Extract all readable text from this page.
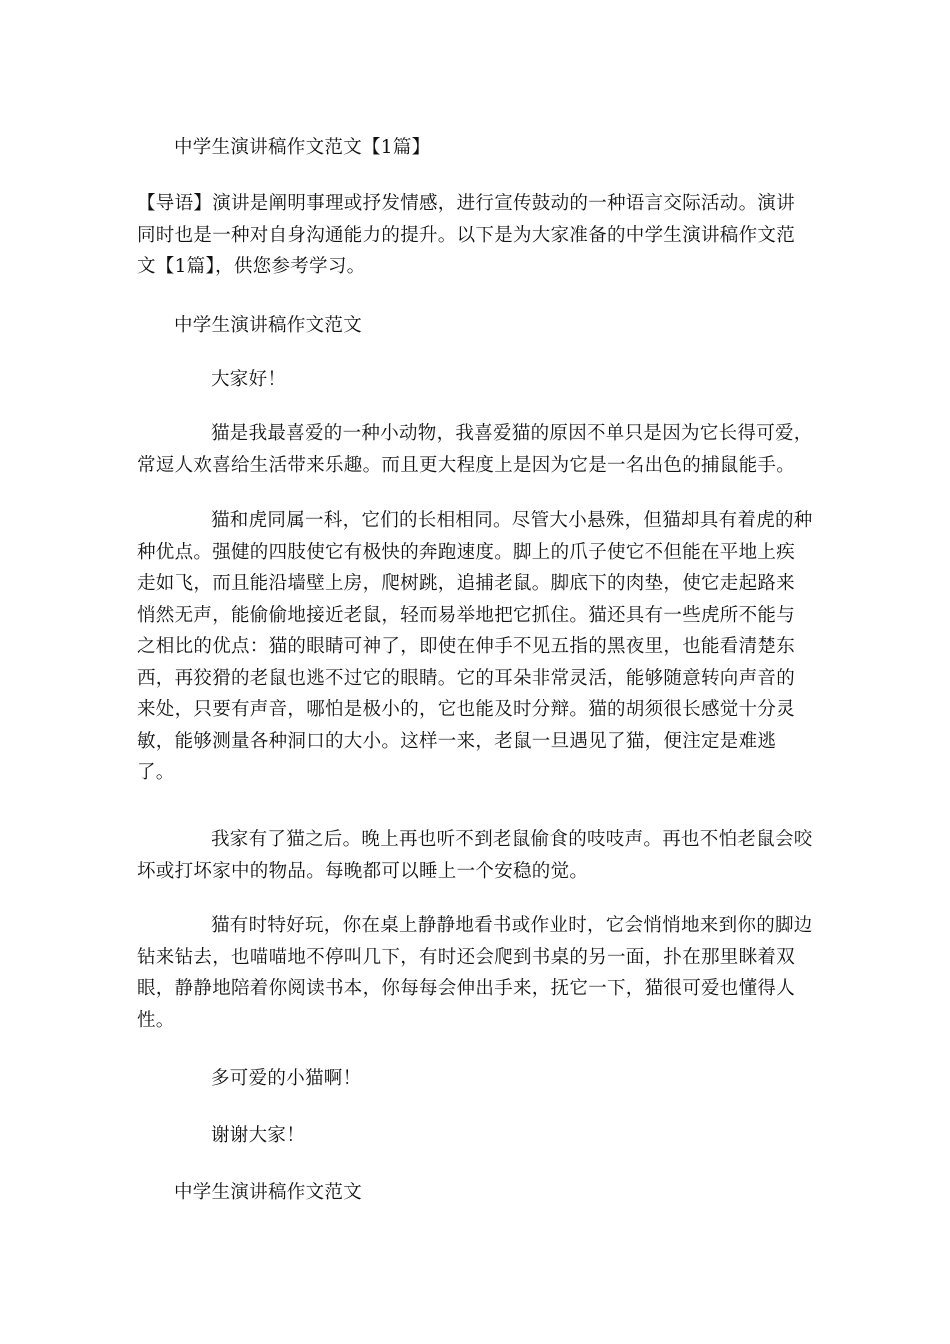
中学生演讲稿作文范文【1篇】

【导语】演讲是阐明事理或抒发情感，进行宣传鼓动的一种语言交际活动。演讲同时也是一种对自身沟通能力的提升。以下是为大家准备的中学生演讲稿作文范文【1篇】，供您参考学习。

中学生演讲稿作文范文

大家好！

猫是我最喜爱的一种小动物，我喜爱猫的原因不单只是因为它长得可爱，常逗人欢喜给生活带来乐趣。而且更大程度上是因为它是一名出色的捕鼠能手。

猫和虎同属一科，它们的长相相同。尽管大小悬殊，但猫却具有着虎的种种优点。强健的四肢使它有极快的奔跑速度。脚上的爪子使它不但能在平地上疾走如飞，而且能沿墙壁上房，爬树跳，追捕老鼠。脚底下的肉垫，使它走起路来悄然无声，能偷偷地接近老鼠，轻而易举地把它抓住。猫还具有一些虎所不能与之相比的优点：猫的眼睛可神了，即使在伸手不见五指的黑夜里，也能看清楚东西，再狡猾的老鼠也逃不过它的眼睛。它的耳朵非常灵活，能够随意转向声音的来处，只要有声音，哪怕是极小的，它也能及时分辩。猫的胡须很长感觉十分灵敏，能够测量各种洞口的大小。这样一来，老鼠一旦遇见了猫，便注定是难逃了。

我家有了猫之后。晚上再也听不到老鼠偷食的吱吱声。再也不怕老鼠会咬坏或打坏家中的物品。每晚都可以睡上一个安稳的觉。

猫有时特好玩，你在桌上静静地看书或作业时，它会悄悄地来到你的脚边钻来钻去，也喵喵地不停叫几下，有时还会爬到书桌的另一面，扑在那里眯着双眼，静静地陪着你阅读书本，你每每会伸出手来，抚它一下，猫很可爱也懂得人性。

多可爱的小猫啊！

谢谢大家！

中学生演讲稿作文范文
